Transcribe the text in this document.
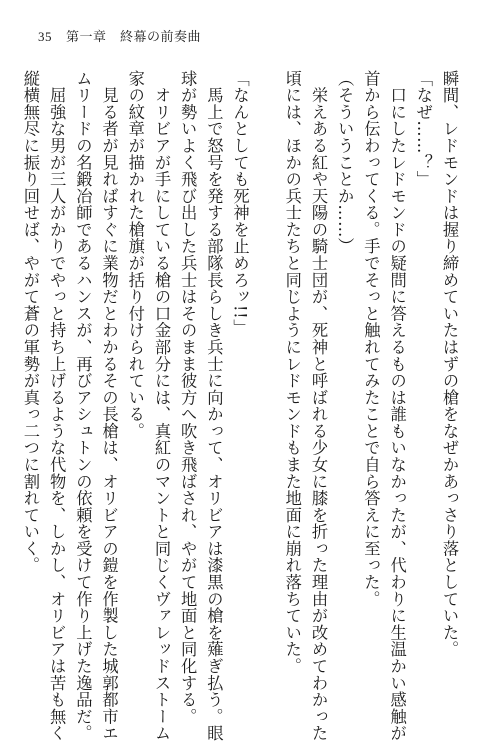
35 第一章　終幕の前奏曲
瞬間、レドモンドは握り締めていたはずの槍をなぜかあっさり落としていた。
「なぜ……？」
　口にしたレドモンドの疑問に答えるものは誰もいなかったが、代わりに生温かい感触が
首から伝わってくる。手でそっと触れてみたことで自ら答えに至った。
（そういうことか……）
　栄えある紅や天陽の騎士団が、死神と呼ばれる少女に膝を折った理由が改めてわかった
頃には、ほかの兵士たちと同じようにレドモンドもまた地面に崩れ落ちていた。
「なんとしても死神を止めろッ!!」
　馬上で怒号を発する部隊長らしき兵士に向かって、オリビアは漆黒の槍を薙ぎ払う。眼
球が勢いよく飛び出した兵士はそのまま彼方へ吹き飛ばされ、やがて地面と同化する。
　オリビアが手にしている槍の口金部分には、真紅のマントと同じくヴァレッドストーム
家の紋章が描かれた槍旗が括り付けられている。
　見る者が見ればすぐに業物だとわかるその長槍は、オリビアの鎧を作製した城郭都市エ
ムリードの名鍛冶師であるハンスが、再びアシュトンの依頼を受けて作り上げた逸品だ。
　屈強な男が三人がかりでやっと持ち上げるような代物を、しかし、オリビアは苦も無く
縦横無尽に振り回せば、やがて蒼の軍勢が真っ二つに割れていく。
